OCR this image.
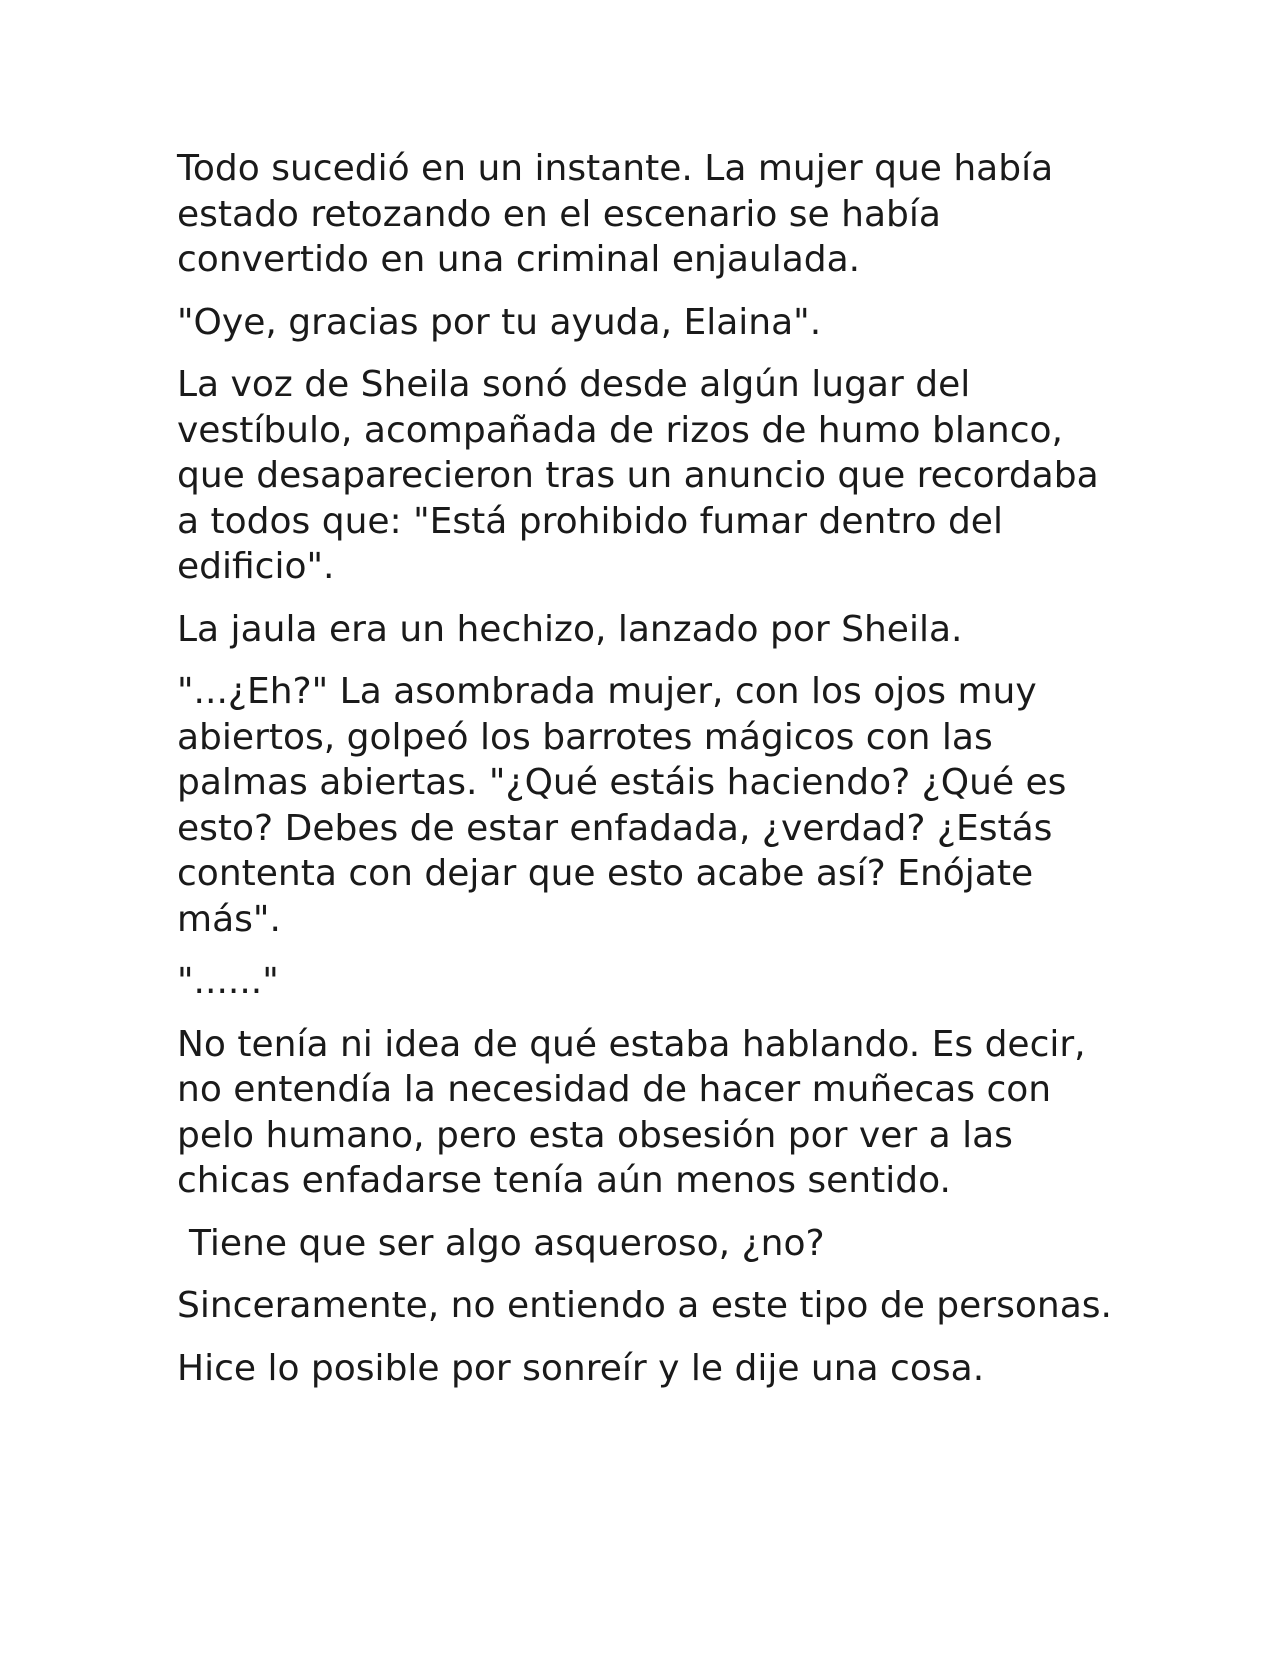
Todo sucedió en un instante. La mujer que había estado retozando en el escenario se había convertido en una criminal enjaulada.

"Oye, gracias por tu ayuda, Elaina".

La voz de Sheila sonó desde algún lugar del vestíbulo, acompañada de rizos de humo blanco, que desaparecieron tras un anuncio que recordaba a todos que: "Está prohibido fumar dentro del edificio".

La jaula era un hechizo, lanzado por Sheila.

"...¿Eh?" La asombrada mujer, con los ojos muy abiertos, golpeó los barrotes mágicos con las palmas abiertas. "¿Qué estáis haciendo? ¿Qué es esto? Debes de estar enfadada, ¿verdad? ¿Estás contenta con dejar que esto acabe así? Enójate más".

"......"

No tenía ni idea de qué estaba hablando. Es decir, no entendía la necesidad de hacer muñecas con pelo humano, pero esta obsesión por ver a las chicas enfadarse tenía aún menos sentido.

Tiene que ser algo asqueroso, ¿no?

Sinceramente, no entiendo a este tipo de personas.

Hice lo posible por sonreír y le dije una cosa.
